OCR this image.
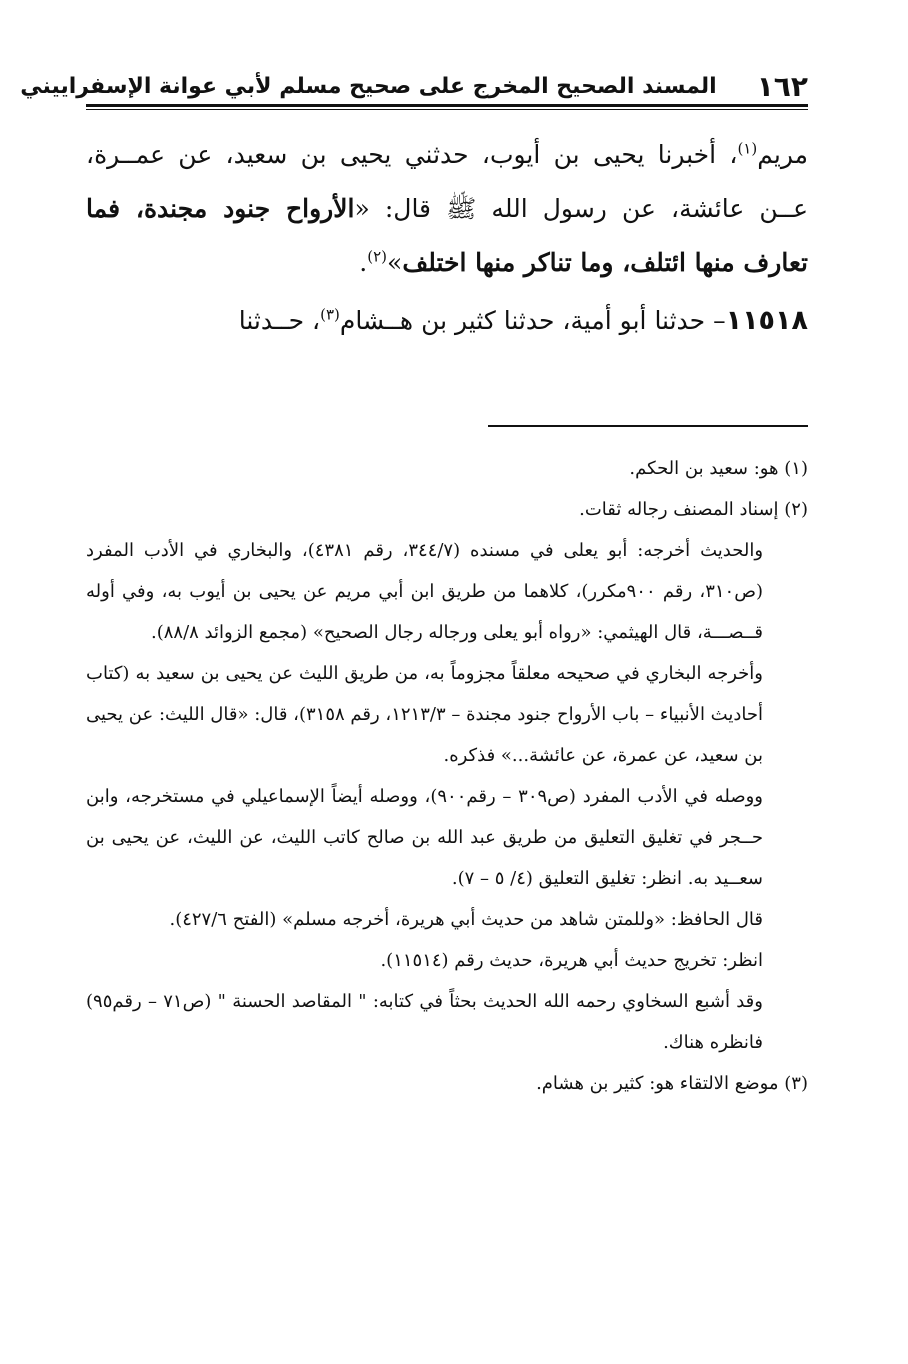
١٦٢
المسند الصحيح المخرج على صحيح مسلم لأبي عوانة الإسفراييني

مريم$^{(١)}$، أخبرنا يحيى بن أيوب، حدثني يحيى بن سعيد، عن عمــرة، عــن عائشة، عن رسول الله ﷺ قال: «الأرواح جنود مجندة، فما تعارف منها ائتلف، وما تناكر منها اختلف»$^{(٢)}$.

١١٥١٨– حدثنا أبو أمية، حدثنا كثير بن هــشام$^{(٣)}$، حــدثنا

(١) هو: سعيد بن الحكم.

(٢) إسناد المصنف رجاله ثقات.

والحديث أخرجه: أبو يعلى في مسنده (٣٤٤/٧، رقم ٤٣٨١)، والبخاري في الأدب المفرد (ص٣١٠، رقم ٩٠٠مكرر)، كلاهما من طريق ابن أبي مريم عن يحيى بن أيوب به، وفي أوله قــصـــة، قال الهيثمي: «رواه أبو يعلى ورجاله رجال الصحيح» (مجمع الزوائد ٨٨/٨).

وأخرجه البخاري في صحيحه معلقاً مجزوماً به، من طريق الليث عن يحيى بن سعيد به (كتاب أحاديث الأنبياء – باب الأرواح جنود مجندة – ١٢١٣/٣، رقم ٣١٥٨)، قال: «قال الليث: عن يحيى بن سعيد، عن عمرة، عن عائشة...» فذكره.

ووصله في الأدب المفرد (ص٣٠٩ – رقم٩٠٠)، ووصله أيضاً الإسماعيلي في مستخرجه، وابن حــجر في تغليق التعليق من طريق عبد الله بن صالح كاتب الليث، عن الليث، عن يحيى بن سعــيد به. انظر: تغليق التعليق (٤/ ٥ – ٧).

قال الحافظ: «وللمتن شاهد من حديث أبي هريرة، أخرجه مسلم» (الفتح ٤٢٧/٦).

انظر: تخريج حديث أبي هريرة، حديث رقم (١١٥١٤).

وقد أشبع السخاوي رحمه الله الحديث بحثاً في كتابه: " المقاصد الحسنة " (ص٧١ – رقم٩٥) فانظره هناك.

(٣) موضع الالتقاء هو: كثير بن هشام.
